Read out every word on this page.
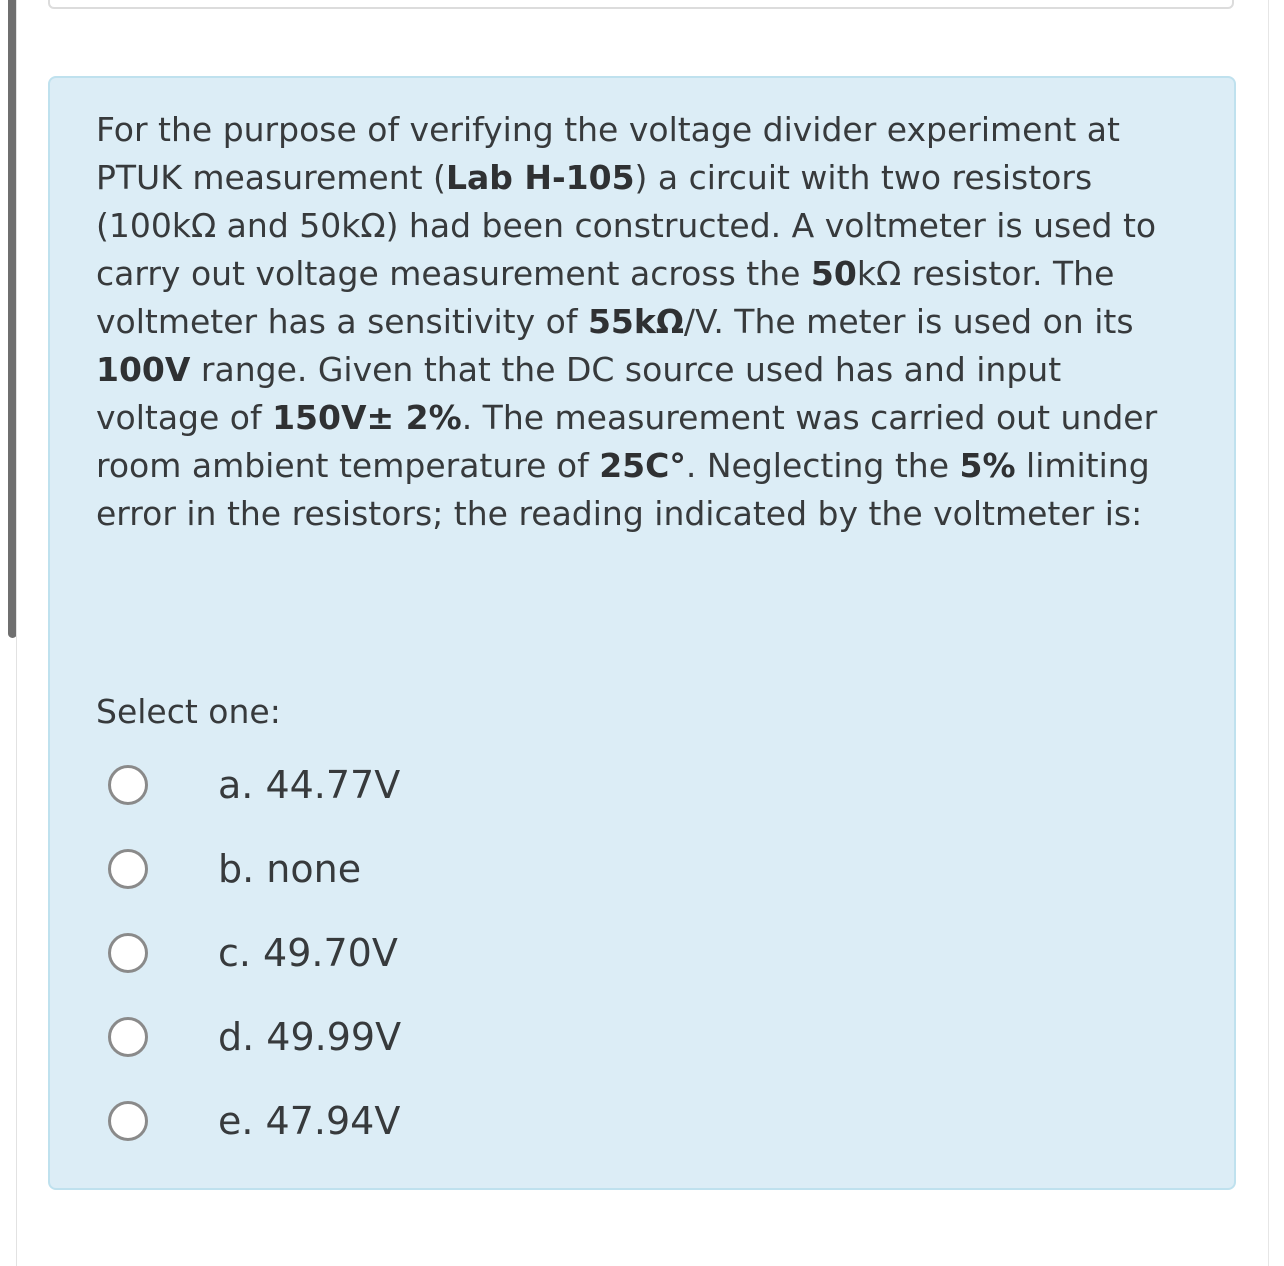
For the purpose of verifying the voltage divider experiment at PTUK measurement (Lab H-105) a circuit with two resistors (100kΩ and 50kΩ) had been constructed. A voltmeter is used to carry out voltage measurement across the 50kΩ resistor. The voltmeter has a sensitivity of 55kΩ/V. The meter is used on its
100V range. Given that the DC source used has and input voltage of 150V± 2%. The measurement was carried out under room ambient temperature of 25C°. Neglecting the 5% limiting error in the resistors; the reading indicated by the voltmeter is:

Select one:

a. 44.77V
b. none
c. 49.70V
d. 49.99V
e. 47.94V
